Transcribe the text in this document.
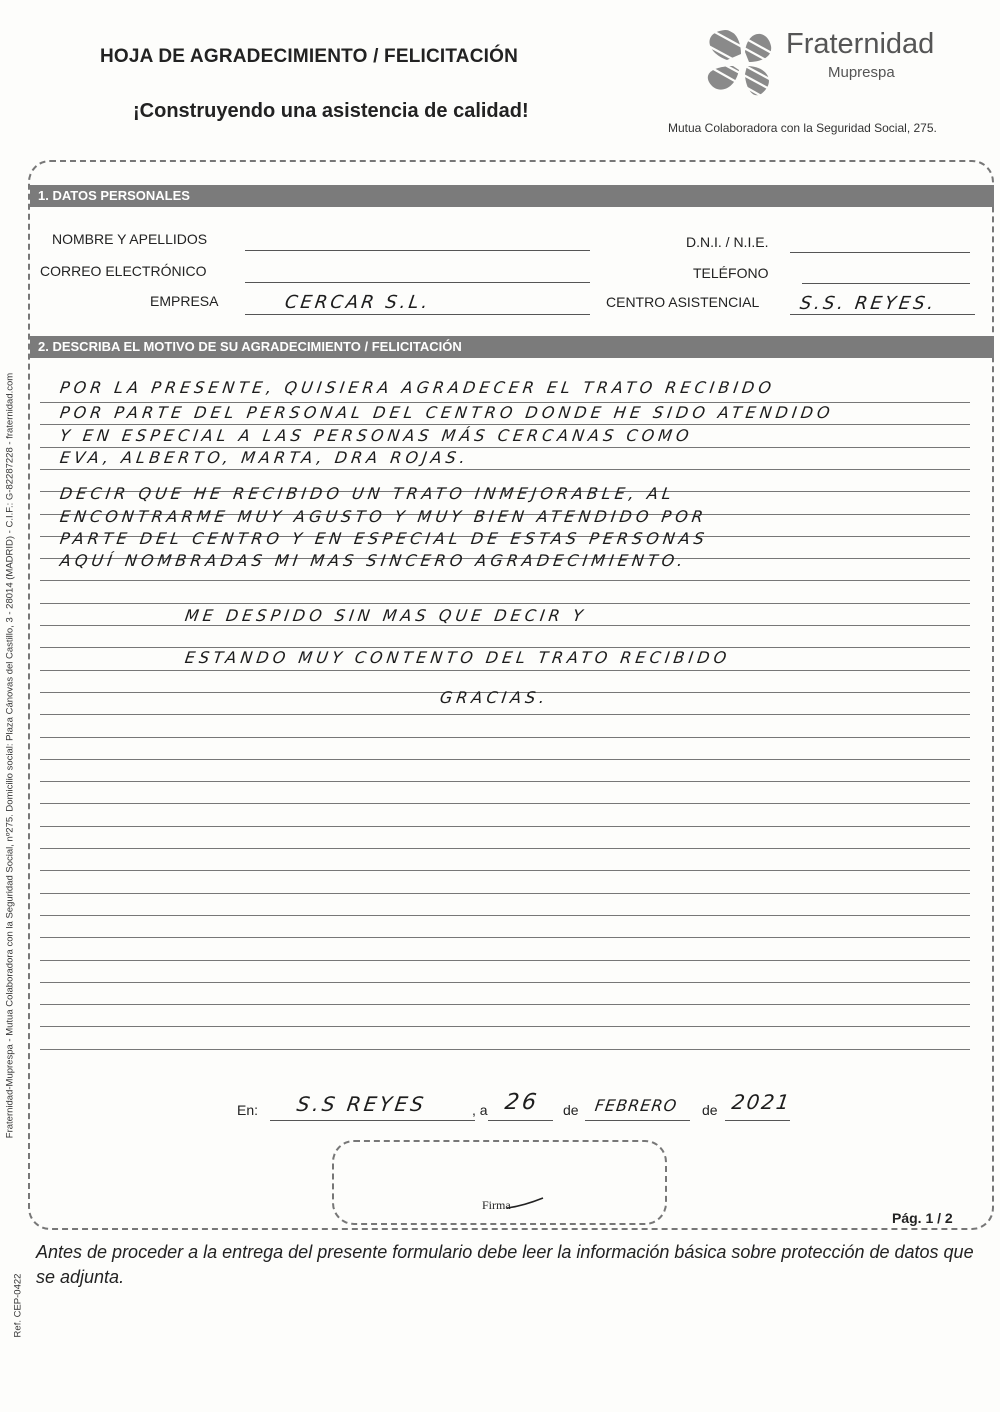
HOJA DE AGRADECIMIENTO / FELICITACIÓN
¡Construyendo una asistencia de calidad!
Fraternidad
Muprespa
Mutua Colaboradora con la Seguridad Social, 275.
Fraternidad-Muprespa - Mutua Colaboradora con la Seguridad Social, nº275. Domicilio social: Plaza Cánovas del Castillo, 3 - 28014 (MADRID) - C.I.F.: G-82287228 - fraternidad.com
Ref. CEP-0422
1. DATOS PERSONALES
NOMBRE Y APELLIDOS
CORREO ELECTRÓNICO
EMPRESA	CERCAR S.L.
D.N.I. / N.I.E.
TELÉFONO
CENTRO ASISTENCIAL S.S. REYES.
2. DESCRIBA EL MOTIVO DE SU AGRADECIMIENTO / FELICITACIÓN
POR LA PRESENTE, QUISIERA AGRADECER EL TRATO RECIBIDO
POR PARTE DEL PERSONAL DEL CENTRO DONDE HE SIDO ATENDIDO
Y EN ESPECIAL A LAS PERSONAS MÁS CERCANAS COMO
EVA, ALBERTO, MARTA, DRA ROJAS.
DECIR QUE HE RECIBIDO UN TRATO INMEJORABLE, AL
ENCONTRARME MUY AGUSTO Y MUY BIEN ATENDIDO POR
PARTE DEL CENTRO Y EN ESPECIAL DE ESTAS PERSONAS
AQUÍ NOMBRADAS MI MAS SINCERO AGRADECIMIENTO.
ME DESPIDO SIN MAS QUE DECIR Y
ESTANDO MUY CONTENTO DEL TRATO RECIBIDO
GRACIAS.
En: S.S REYES	, a 26 de FEBRERO de 2021
Firma
Pág. 1 / 2
Antes de proceder a la entrega del presente formulario debe leer la información básica sobre protección de datos que se adjunta.
